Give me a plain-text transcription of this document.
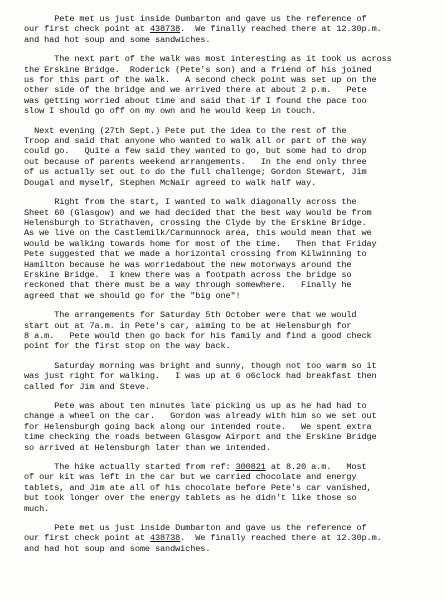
Pete met us just inside Dumbarton and gave us the reference of
our first check point at 438738.  We finally reached there at 12.30p.m.
and had hot soup and some sandwiches.
The next part of the walk was most interesting as it took us across
the Erskine Bridge.  Roderick (Pete's son) and a friend of his joined
us for this part of the walk.   A second check point was set up on the
other side of the bridge and we arrived there at about 2 p.m.   Pete
was getting worried about time and said that if I found the pace too
slow I should go off on my own and he would keep in touch.
Next evening (27th Sept.) Pete put the idea to the rest of the
Troop and said that anyone who wanted to walk all or part of the way
could go.   Quite a few said they wanted to go, but some had to drop
out because of parents weekend arrangements.   In the end only three
of us actually set out to do the full challenge; Gordon Stewart, Jim
Dougal and myself, Stephen McNair agreed to walk half way.
Right from the start, I wanted to walk diagonally across the
Sheet 60 (Glasgow) and we had decided that the best way would be from
Helensburgh to Strathaven, crossing the Clyde by the Erskine Bridge.
As we live on the Castlemilk/Carmunnock area, this would mean that we
would be walking towards home for most of the time.   Then that Friday
Pete suggested that we made a horizontal crossing from Kilwinning to
Hamilton because he was worriedabout the new motorways around the
Erskine Bridge.  I knew there was a footpath across the bridge so
reckoned that there must be a way through somewhere.   Finally he
agreed that we should go for the "big one"!
The arrangements for Saturday 5th October were that we would
start out at 7a.m. in Pete's car, aiming to be at Helensburgh for
8 a.m.   Pete would then go back for his family and find a good check
point for the first stop on the way back.
Saturday morning was bright and sunny, though not too warm so it
was just right for walking.   I was up at 6 o6clock had breakfast then
called for Jim and Steve.
Pete was about ten minutes late picking us up as he had had to
change a wheel on the car.   Gordon was already with him so we set out
for Helensburgh going back along our intended route.   We spent extra
time checking the roads between Glasgow Airport and the Erskine Bridge
so arrived at Helensburgh later than we intended.
The hike actually started from ref: 300821 at 8.20 a.m.   Most
of our kit was left in the car but we carried chocolate and energy
tablets, and Jim ate all of his chocolate before Pete's car vanished,
but took longer over the energy tablets as he didn't like those so
much.
Pete met us just inside Dumbarton and gave us the reference of
our first check point at 438738.  We finally reached there at 12.30p.m.
and had hot soup and some sandwiches.
